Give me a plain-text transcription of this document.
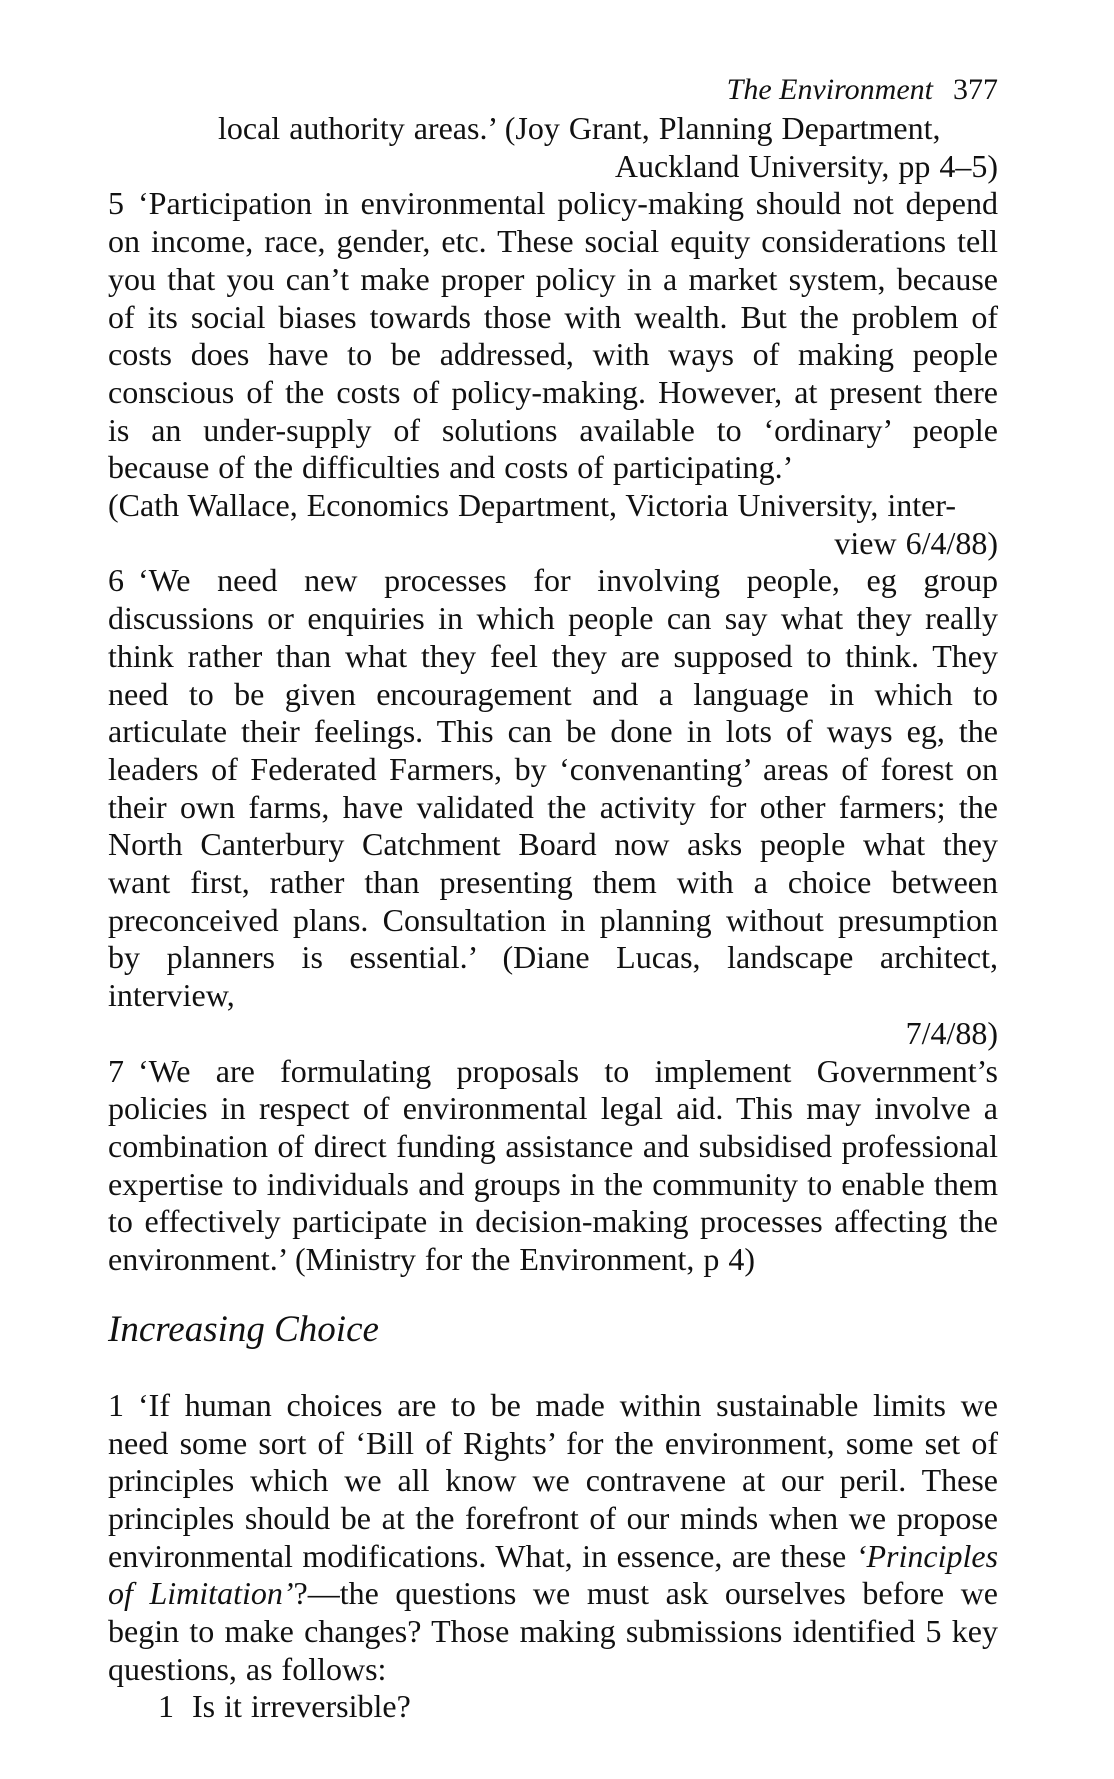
The Environment 377

local authority areas.’ (Joy Grant, Planning Department,

Auckland University, pp 4–5)

5 ‘Participation in environmental policy-making should not depend on income, race, gender, etc. These social equity considerations tell you that you can’t make proper policy in a market system, because of its social biases towards those with wealth. But the problem of costs does have to be addressed, with ways of making people conscious of the costs of policy-making. However, at present there is an under-supply of solutions available to ‘ordinary’ people because of the difficulties and costs of participating.’

(Cath Wallace, Economics Department, Victoria University, inter-

view 6/4/88)

6 ‘We need new processes for involving people, eg group discussions or enquiries in which people can say what they really think rather than what they feel they are supposed to think. They need to be given encouragement and a language in which to articulate their feelings. This can be done in lots of ways eg, the leaders of Federated Farmers, by ‘convenanting’ areas of forest on their own farms, have validated the activity for other farmers; the North Canterbury Catchment Board now asks people what they want first, rather than presenting them with a choice between preconceived plans. Consultation in planning without presumption by planners is essential.’ (Diane Lucas, landscape architect, interview,

7/4/88)

7 ‘We are formulating proposals to implement Government’s policies in respect of environmental legal aid. This may involve a combination of direct funding assistance and subsidised professional expertise to individuals and groups in the community to enable them to effectively participate in decision-making processes affecting the environment.’ (Ministry for the Environment, p 4)

Increasing Choice

1 ‘If human choices are to be made within sustainable limits we need some sort of ‘Bill of Rights’ for the environment, some set of principles which we all know we contravene at our peril. These principles should be at the forefront of our minds when we propose environmental modifications. What, in essence, are these ‘Principles of Limitation’?—the questions we must ask ourselves before we begin to make changes? Those making submissions identified 5 key questions, as follows:

1 Is it irreversible?
